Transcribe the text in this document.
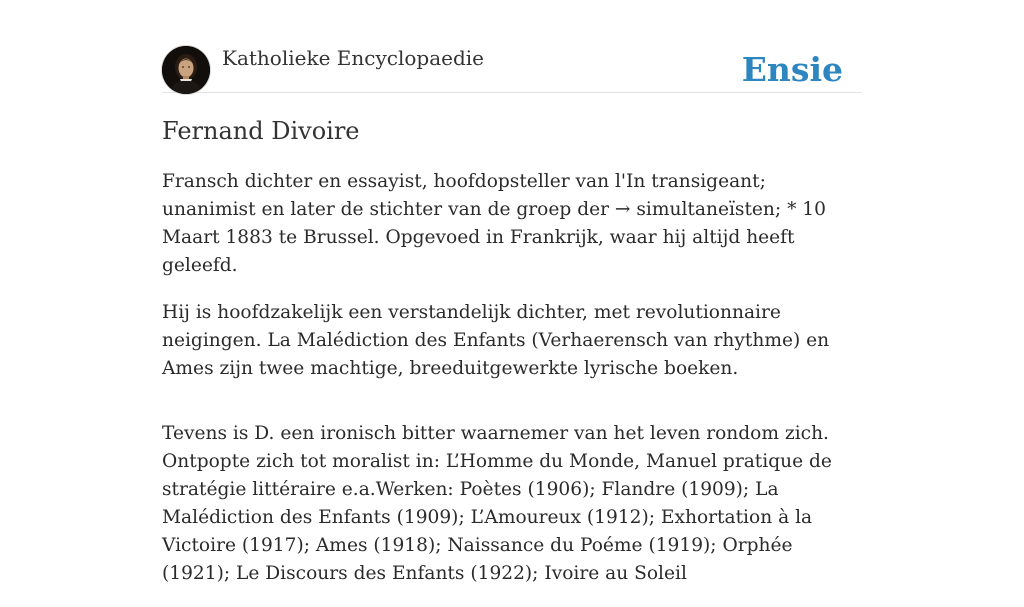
Katholieke Encyclopaedie	Ensie
Fernand Divoire

Fransch dichter en essayist, hoofdopsteller van l'In transigeant; unanimist en later de stichter van de groep der → simultaneïsten; * 10 Maart 1883 te Brussel. Opgevoed in Frankrijk, waar hij altijd heeft geleefd.

Hij is hoofdzakelijk een verstandelijk dichter, met revolutionnaire neigingen. La Malédiction des Enfants (Verhaerensch van rhythme) en Ames zijn twee machtige, breeduitgewerkte lyrische boeken.

Tevens is D. een ironisch bitter waarnemer van het leven rondom zich. Ontpopte zich tot moralist in: L’Homme du Monde, Manuel pratique de stratégie littéraire e.a.Werken: Poètes (1906); Flandre (1909); La Malédiction des Enfants (1909); L’Amoureux (1912); Exhortation à la Victoire (1917); Ames (1918); Naissance du Poéme (1919); Orphée (1921); Le Discours des Enfants (1922); Ivoire au Soleil
